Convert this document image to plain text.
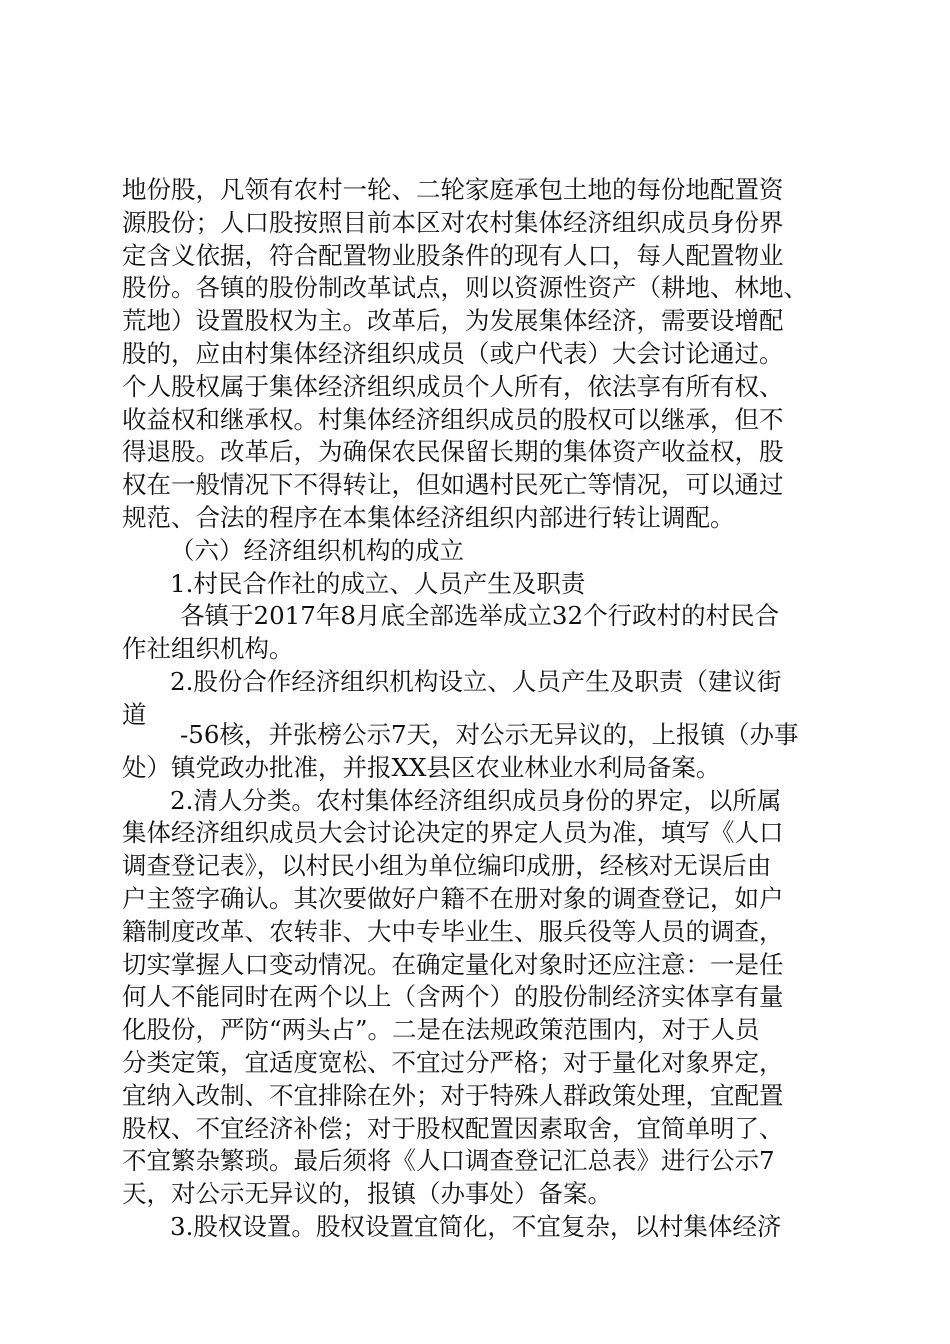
地份股，凡领有农村一轮、二轮家庭承包土地的每份地配置资
源股份；人口股按照目前本区对农村集体经济组织成员身份界
定含义依据，符合配置物业股条件的现有人口，每人配置物业
股份。各镇的股份制改革试点，则以资源性资产（耕地、林地、
荒地）设置股权为主。改革后，为发展集体经济，需要设增配
股的，应由村集体经济组织成员（或户代表）大会讨论通过。
个人股权属于集体经济组织成员个人所有，依法享有所有权、
收益权和继承权。村集体经济组织成员的股权可以继承，但不
得退股。改革后，为确保农民保留长期的集体资产收益权，股
权在一般情况下不得转让，但如遇村民死亡等情况，可以通过
规范、合法的程序在本集体经济组织内部进行转让调配。
（六）经济组织机构的成立
1.村民合作社的成立、人员产生及职责
各镇于2017年8月底全部选举成立32个行政村的村民合
作社组织机构。
2.股份合作经济组织机构设立、人员产生及职责（建议街
道
-56核，并张榜公示7天，对公示无异议的，上报镇（办事
处）镇党政办批准，并报XX县区农业林业水利局备案。
2.清人分类。农村集体经济组织成员身份的界定，以所属
集体经济组织成员大会讨论决定的界定人员为准，填写《人口
调查登记表》，以村民小组为单位编印成册，经核对无误后由
户主签字确认。其次要做好户籍不在册对象的调查登记，如户
籍制度改革、农转非、大中专毕业生、服兵役等人员的调查，
切实掌握人口变动情况。在确定量化对象时还应注意：一是任
何人不能同时在两个以上（含两个）的股份制经济实体享有量
化股份，严防“两头占”。二是在法规政策范围内，对于人员
分类定策，宜适度宽松、不宜过分严格；对于量化对象界定，
宜纳入改制、不宜排除在外；对于特殊人群政策处理，宜配置
股权、不宜经济补偿；对于股权配置因素取舍，宜简单明了、
不宜繁杂繁琐。最后须将《人口调查登记汇总表》进行公示7
天，对公示无异议的，报镇（办事处）备案。
3.股权设置。股权设置宜简化，不宜复杂，以村集体经济
